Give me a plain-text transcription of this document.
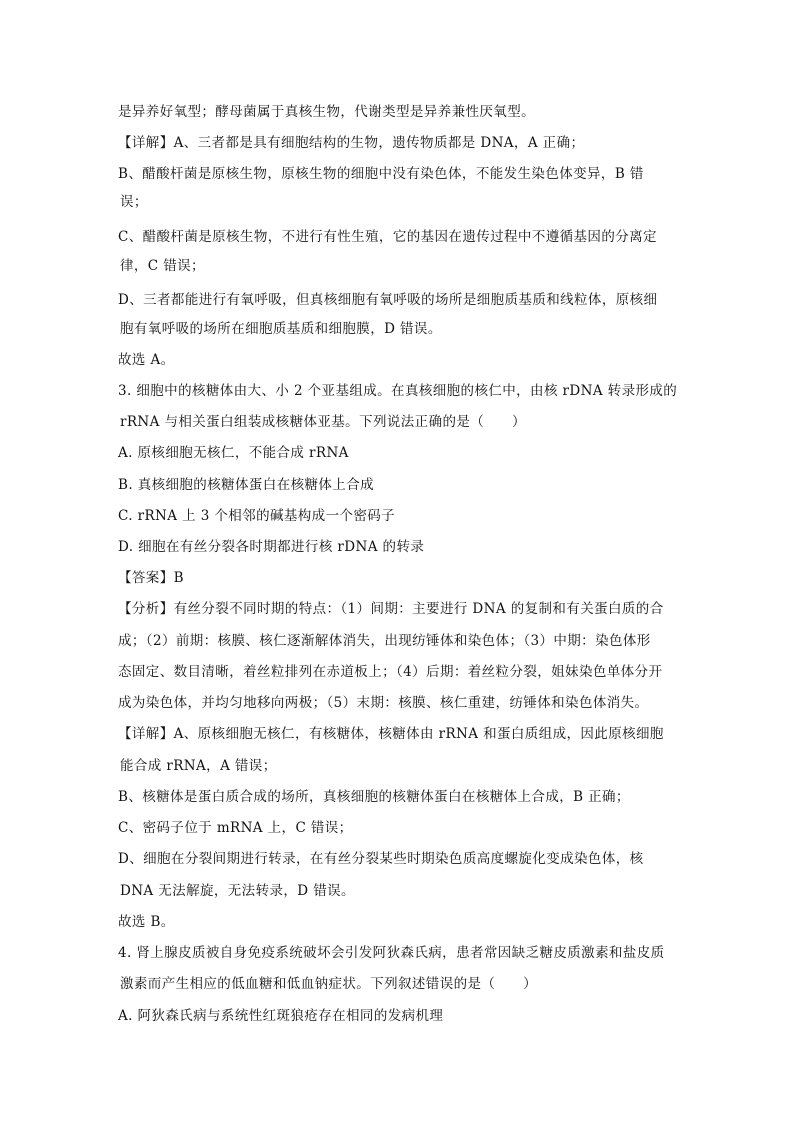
是异养好氧型；酵母菌属于真核生物，代谢类型是异养兼性厌氧型。
【详解】A、三者都是具有细胞结构的生物，遗传物质都是 DNA，A 正确；
B、醋酸杆菌是原核生物，原核生物的细胞中没有染色体，不能发生染色体变异，B 错
误；
C、醋酸杆菌是原核生物，不进行有性生殖，它的基因在遗传过程中不遵循基因的分离定
律，C 错误；
D、三者都能进行有氧呼吸，但真核细胞有氧呼吸的场所是细胞质基质和线粒体，原核细
胞有氧呼吸的场所在细胞质基质和细胞膜，D 错误。
故选 A。
3. 细胞中的核糖体由大、小 2 个亚基组成。在真核细胞的核仁中，由核 rDNA 转录形成的
rRNA 与相关蛋白组装成核糖体亚基。下列说法正确的是（　　）
A. 原核细胞无核仁，不能合成 rRNA
B. 真核细胞的核糖体蛋白在核糖体上合成
C. rRNA 上 3 个相邻的碱基构成一个密码子
D. 细胞在有丝分裂各时期都进行核 rDNA 的转录
【答案】B
【分析】有丝分裂不同时期的特点：（1）间期：主要进行 DNA 的复制和有关蛋白质的合
成；（2）前期：核膜、核仁逐渐解体消失，出现纺锤体和染色体；（3）中期：染色体形
态固定、数目清晰，着丝粒排列在赤道板上；（4）后期：着丝粒分裂，姐妹染色单体分开
成为染色体，并均匀地移向两极；（5）末期：核膜、核仁重建，纺锤体和染色体消失。
【详解】A、原核细胞无核仁，有核糖体，核糖体由 rRNA 和蛋白质组成，因此原核细胞
能合成 rRNA，A 错误；
B、核糖体是蛋白质合成的场所，真核细胞的核糖体蛋白在核糖体上合成，B 正确；
C、密码子位于 mRNA 上，C 错误；
D、细胞在分裂间期进行转录，在有丝分裂某些时期染色质高度螺旋化变成染色体，核
DNA 无法解旋，无法转录，D 错误。
故选 B。
4. 肾上腺皮质被自身免疫系统破坏会引发阿狄森氏病，患者常因缺乏糖皮质激素和盐皮质
激素而产生相应的低血糖和低血钠症状。下列叙述错误的是（　　）
A. 阿狄森氏病与系统性红斑狼疮存在相同的发病机理
